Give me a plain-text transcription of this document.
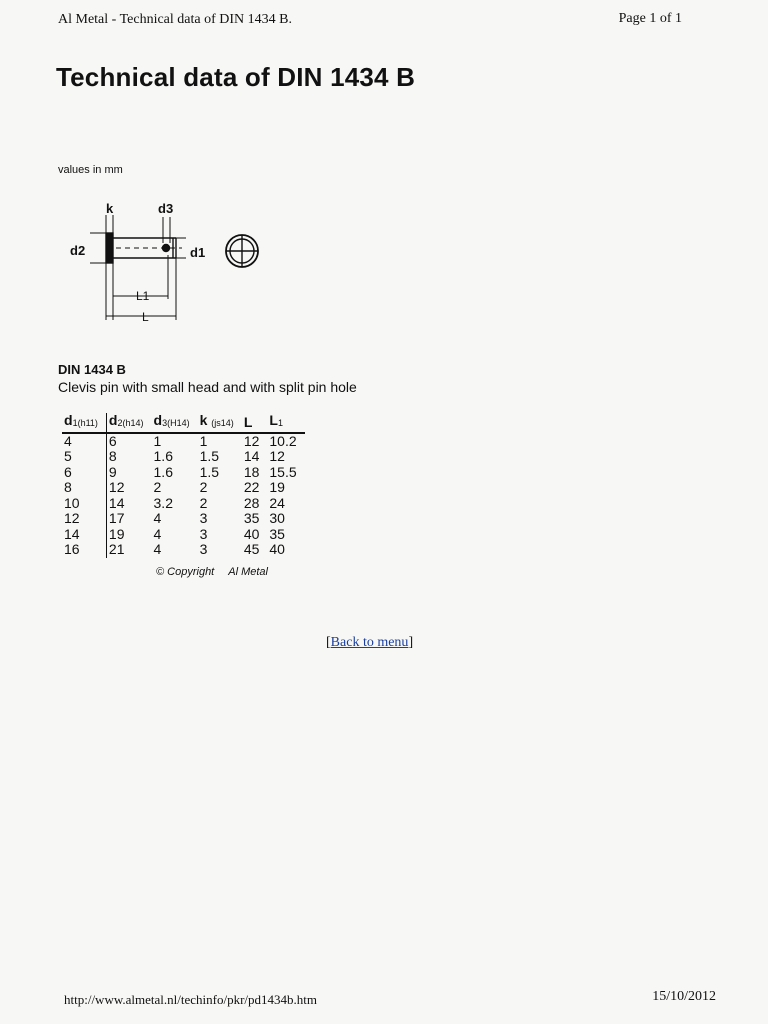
Al Metal - Technical data of DIN 1434 B.	Page 1 of 1
Technical data of DIN 1434 B
values in mm
k	d3
d2	d1
L1
L
DIN 1434 B
Clevis pin with small head and with split pin hole
$d_{1(h11)}$	$d_{2(h14)}$	$d_{3(H14)}$	k $_{(js14)}$	L	$L_1$
4	6	1	1	12	10.2
5	8	1.6	1.5	14	12
6	9	1.6	1.5	18	15.5
8	12	2	2	22	19
10	14	3.2	2	28	24
12	17	4	3	35	30
14	19	4	3	40	35
16	21	4	3	45	40
© Copyright Al Metal
[Back to menu]
http://www.almetal.nl/techinfo/pkr/pd1434b.htm	15/10/2012
